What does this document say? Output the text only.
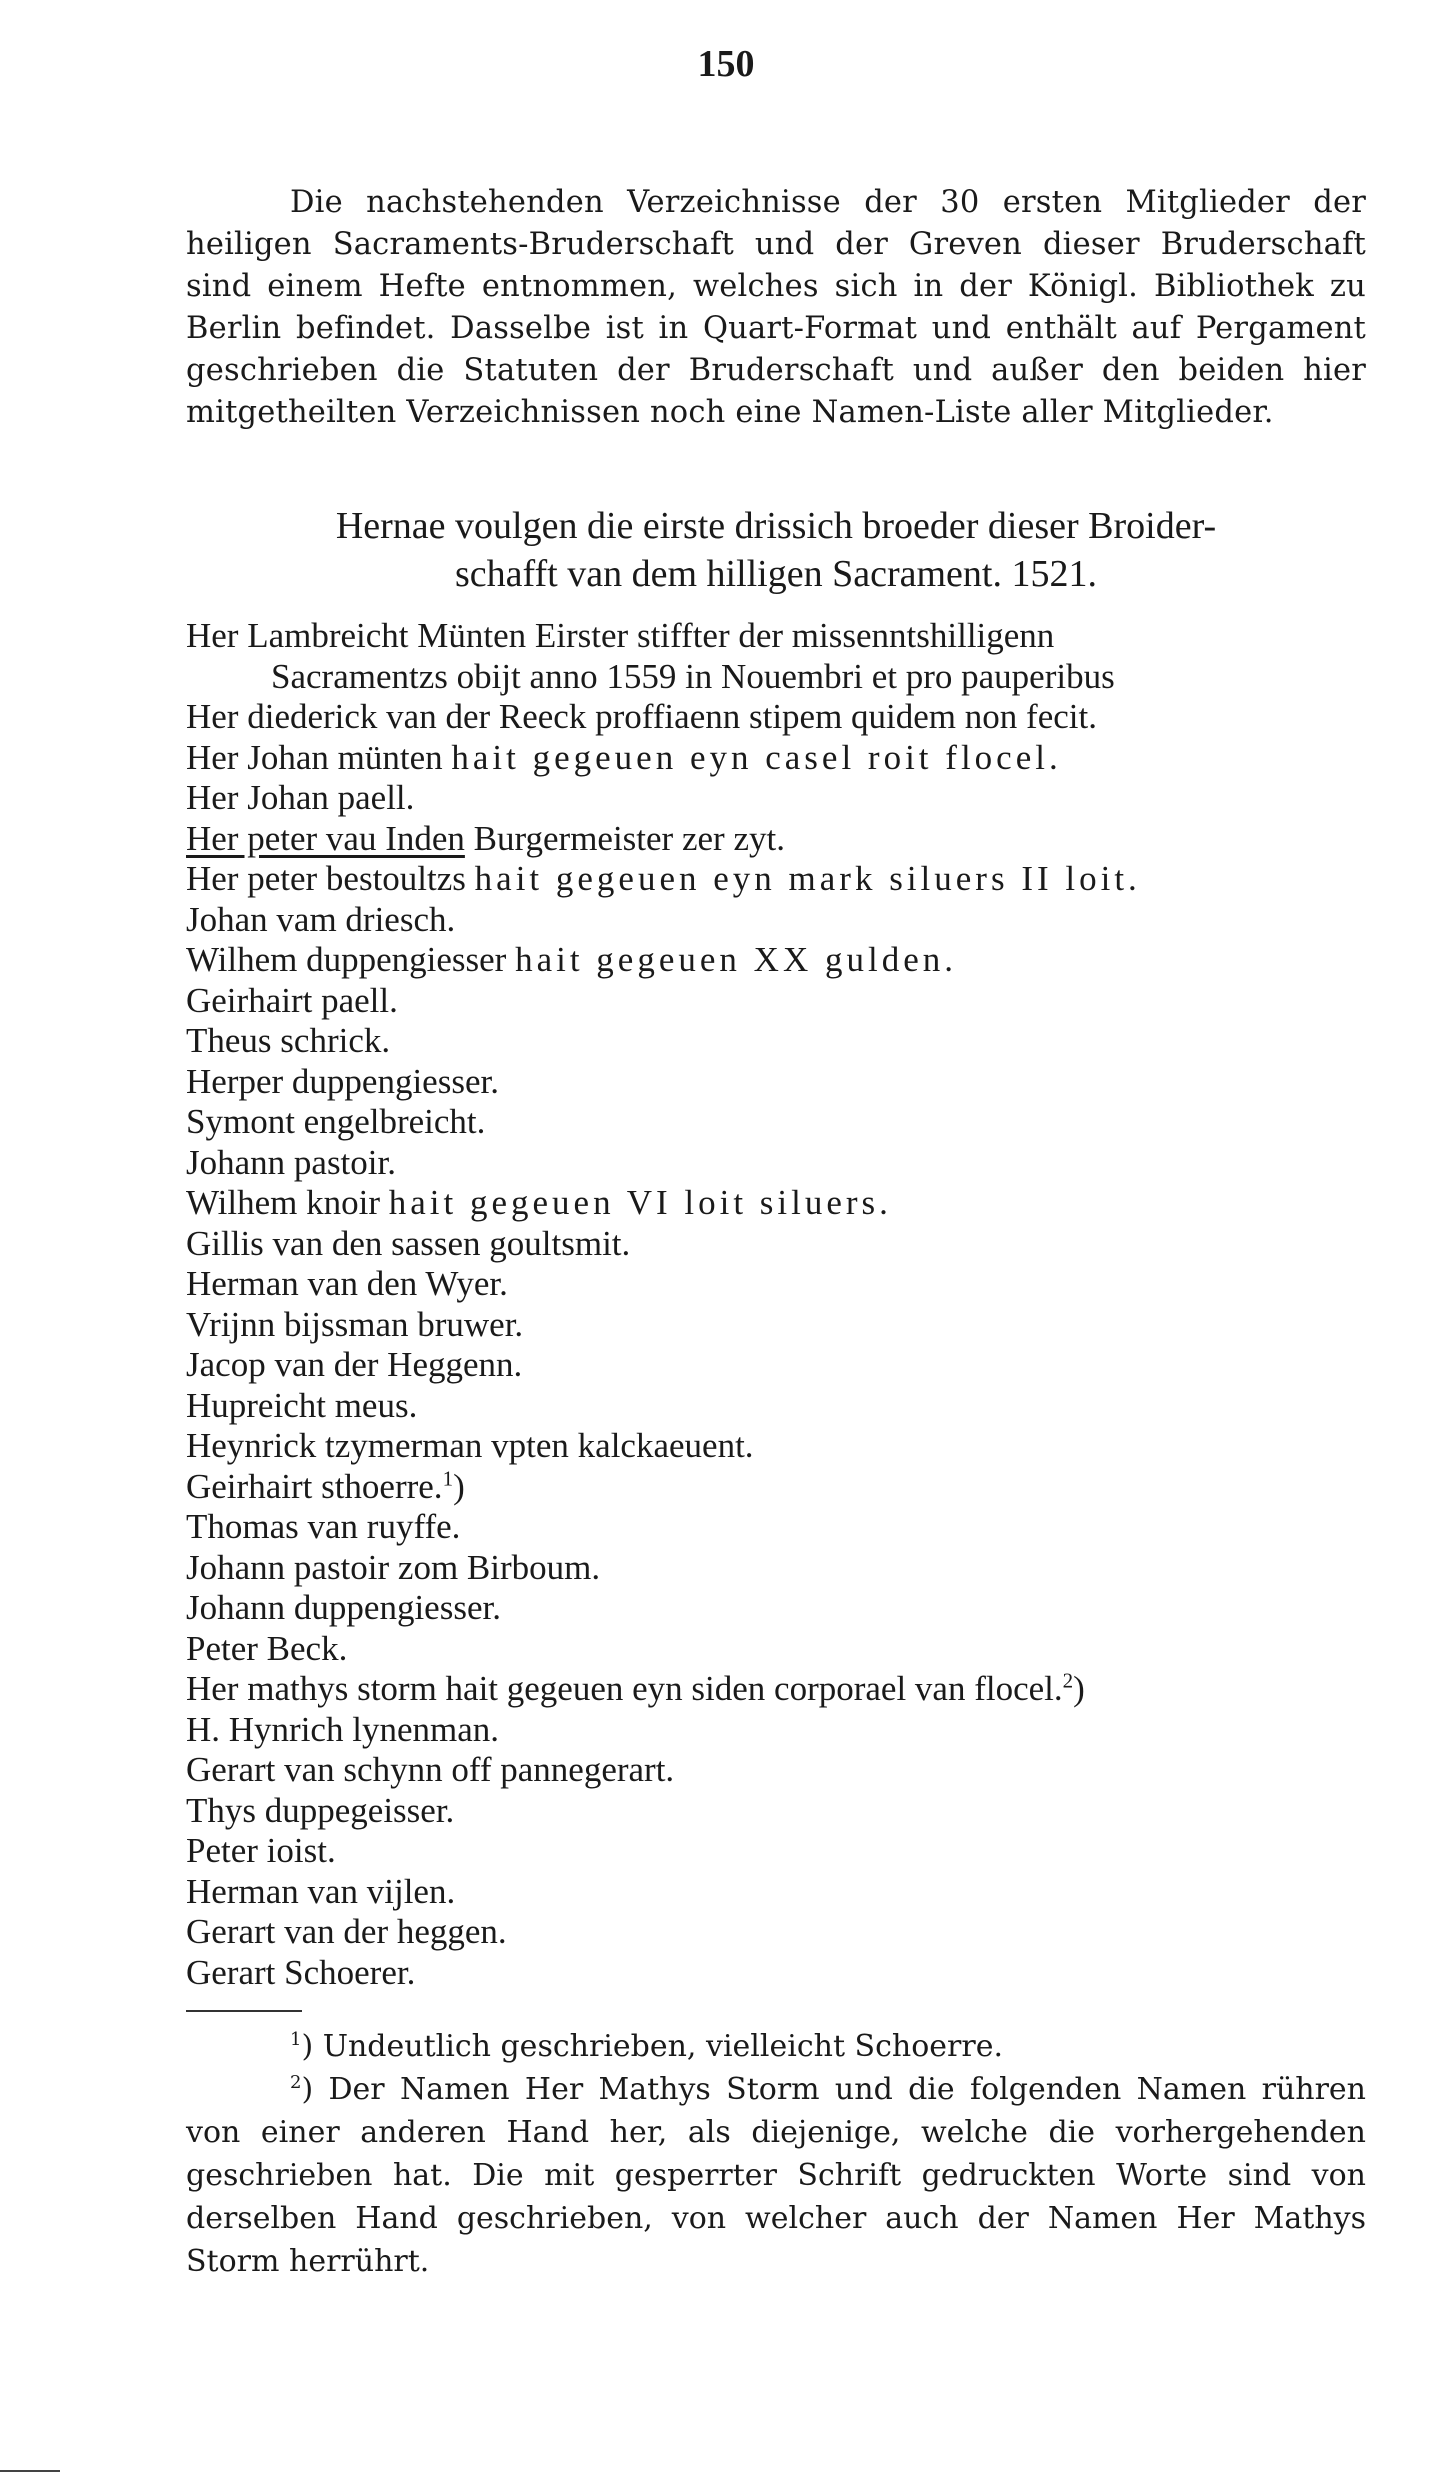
150
Die nachstehenden Verzeichnisse der 30 ersten Mitglieder der heiligen Sacraments-Bruderschaft und der Greven dieser Bruderschaft sind einem Hefte entnommen, welches sich in der Königl. Bibliothek zu Berlin befindet. Dasselbe ist in Quart-Format und enthält auf Pergament geschrieben die Statuten der Bruderschaft und außer den beiden hier mitgetheilten Verzeichnissen noch eine Namen-Liste aller Mitglieder.
Hernae voulgen die eirste drissich broeder dieser Broider-
schafft van dem hilligen Sacrament. 1521.
Her Lambreicht Münten Eirster stiffter der missenntshilligenn
Sacramentzs obijt anno 1559 in Nouembri et pro pauperibus
Her diederick van der Reeck proffiaenn stipem quidem non fecit.
Her Johan münten hait gegeuen eyn casel roit flocel.
Her Johan paell.
Her peter vau Inden Burgermeister zer zyt.
Her peter bestoultzs hait gegeuen eyn mark siluers II loit.
Johan vam driesch.
Wilhem duppengiesser hait gegeuen XX gulden.
Geirhairt paell.
Theus schrick.
Herper duppengiesser.
Symont engelbreicht.
Johann pastoir.
Wilhem knoir hait gegeuen VI loit siluers.
Gillis van den sassen goultsmit.
Herman van den Wyer.
Vrijnn bijssman bruwer.
Jacop van der Heggenn.
Hupreicht meus.
Heynrick tzymerman vpten kalckaeuent.
Geirhairt sthoerre.$^1$)
Thomas van ruyffe.
Johann pastoir zom Birboum.
Johann duppengiesser.
Peter Beck.
Her mathys storm hait gegeuen eyn siden corporael van flocel.$^2$)
H. Hynrich lynenman.
Gerart van schynn off pannegerart.
Thys duppegeisser.
Peter ioist.
Herman van vijlen.
Gerart van der heggen.
Gerart Schoerer.
$^1$) Undeutlich geschrieben, vielleicht Schoerre.
$^2$) Der Namen Her Mathys Storm und die folgenden Namen rühren von einer anderen Hand her, als diejenige, welche die vorhergehenden geschrieben hat. Die mit gesperrter Schrift gedruckten Worte sind von derselben Hand geschrieben, von welcher auch der Namen Her Mathys Storm herrührt.
